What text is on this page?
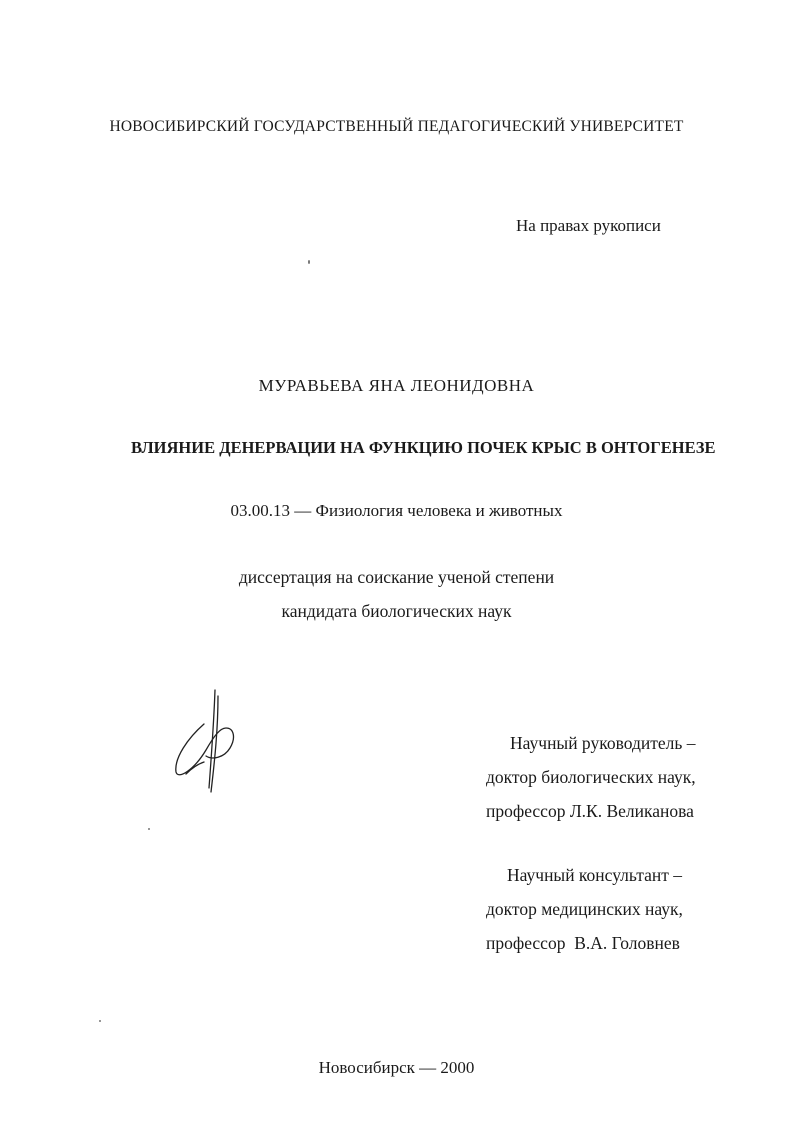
НОВОСИБИРСКИЙ ГОСУДАРСТВЕННЫЙ ПЕДАГОГИЧЕСКИЙ УНИВЕРСИТЕТ

На правах рукописи

МУРАВЬЕВА ЯНА ЛЕОНИДОВНА

ВЛИЯНИЕ ДЕНЕРВАЦИИ НА ФУНКЦИЮ ПОЧЕК КРЫС В ОНТОГЕНЕЗЕ

03.00.13 — Физиология человека и животных

диссертация на соискание ученой степени

кандидата биологических наук

Научный руководитель –

доктор биологических наук,

профессор Л.К. Великанова

Научный консультант –

доктор медицинских наук,

профессор  В.А. Головнев

Новосибирск — 2000
